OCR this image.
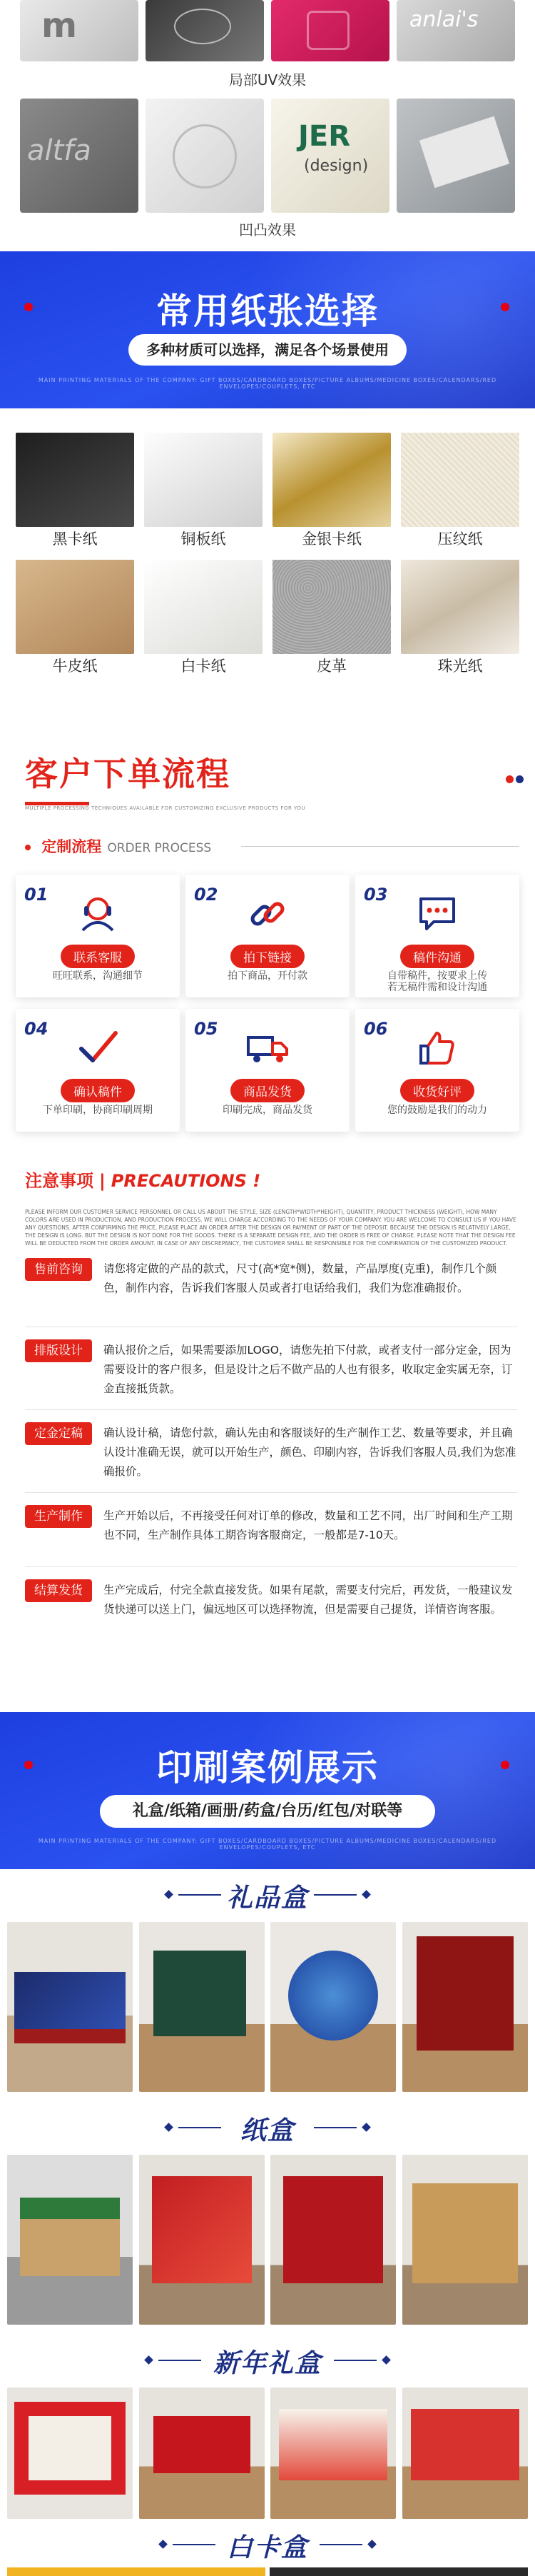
m	anlai's
局部UV效果
altfa	JER
(design)
凹凸效果
常用纸张选择
多种材质可以选择，满足各个场景使用
MAIN PRINTING MATERIALS OF THE COMPANY: GIFT BOXES/CARDBOARD BOXES/PICTURE ALBUMS/MEDICINE BOXES/CALENDARS/RED ENVELOPES/COUPLETS, ETC
黑卡纸	铜板纸	金银卡纸	压纹纸
牛皮纸	白卡纸	皮革	珠光纸
客户下单流程
MULTIPLE PROCESSING TECHNIQUES AVAILABLE FOR CUSTOMIZING EXCLUSIVE PRODUCTS FOR YOU
定制流程 ORDER PROCESS
01
联系客服
旺旺联系，沟通细节
02
拍下链接
拍下商品，开付款
03
稿件沟通
自带稿件，按要求上传
若无稿件需和设计沟通
04
确认稿件
下单印刷，协商印刷周期
05
商品发货
印刷完成，商品发货
06
收货好评
您的鼓励是我们的动力
注意事项 | PRECAUTIONS !
PLEASE INFORM OUR CUSTOMER SERVICE PERSONNEL OR CALL US ABOUT THE STYLE, SIZE (LENGTH*WIDTH*HEIGHT), QUANTITY, PRODUCT THICKNESS (WEIGHT), HOW MANY COLORS ARE USED IN PRODUCTION, AND PRODUCTION PROCESS. WE WILL CHARGE ACCORDING TO THE NEEDS OF YOUR COMPANY. YOU ARE WELCOME TO CONSULT US IF YOU HAVE ANY QUESTIONS. AFTER CONFIRMING THE PRICE, PLEASE PLACE AN ORDER AFTER THE DESIGN OR PAYMENT OF PART OF THE DEPOSIT. BECAUSE THE DESIGN IS RELATIVELY LARGE, THE DESIGN IS LONG. BUT THE DESIGN IS NOT DONE FOR THE GOODS. THERE IS A SEPARATE DESIGN FEE, AND THE ORDER IS FREE OF CHARGE. PLEASE NOTE THAT THE DESIGN FEE WILL BE DEDUCTED FROM THE ORDER AMOUNT. IN CASE OF ANY DISCREPANCY, THE CUSTOMER SHALL BE RESPONSIBLE FOR THE CONFIRMATION OF THE CUSTOMIZED PRODUCT.
售前咨询	请您将定做的产品的款式，尺寸(高*宽*侧)，数量，产品厚度(克重)，制作几个颜色，制作内容，告诉我们客服人员或者打电话给我们，我们为您准确报价。
排版设计	确认报价之后，如果需要添加LOGO，请您先拍下付款，或者支付一部分定金，因为需要设计的客户很多，但是设计之后不做产品的人也有很多，收取定金实属无奈，订金直接抵货款。
定金定稿	确认设计稿，请您付款，确认先由和客服谈好的生产制作工艺、数量等要求，并且确认设计准确无误，就可以开始生产，颜色、印刷内容，告诉我们客服人员,我们为您准确报价。
生产制作	生产开始以后，不再接受任何对订单的修改，数量和工艺不同，出厂时间和生产工期也不同，生产制作具体工期咨询客服商定，一般都是7-10天。
结算发货	生产完成后，付完全款直接发货。如果有尾款，需要支付完后，再发货，一般建议发货快递可以送上门，偏远地区可以选择物流，但是需要自己提货，详情咨询客服。
印刷案例展示
礼盒/纸箱/画册/药盒/台历/红包/对联等
MAIN PRINTING MATERIALS OF THE COMPANY: GIFT BOXES/CARDBOARD BOXES/PICTURE ALBUMS/MEDICINE BOXES/CALENDARS/RED ENVELOPES/COUPLETS, ETC
礼品盒
纸盒
新年礼盒
白卡盒
